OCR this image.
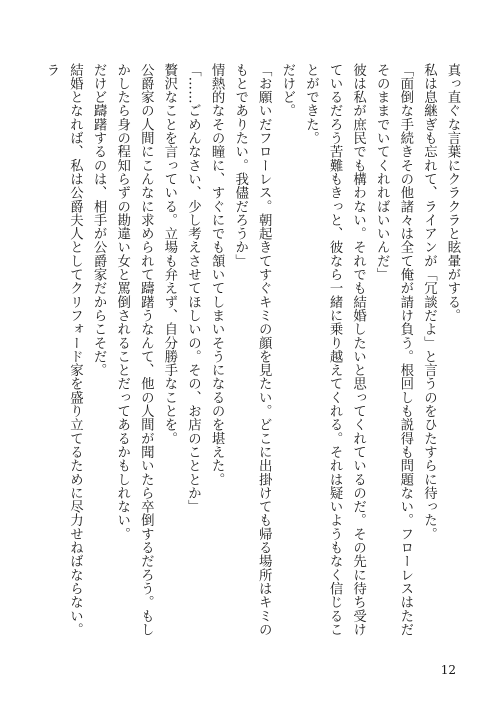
真っ直ぐな言葉にクラクラと眩暈がする。
私は息継ぎも忘れて、ライアンが「冗談だよ」と言うのをひたすらに待った。
「面倒な手続きその他諸々は全て俺が請け負う。根回しも説得も問題ない。フローレスはただそのままでいてくれればいいんだ」
彼は私が庶民でも構わない。それでも結婚したいと思ってくれているのだ。その先に待ち受けているだろう苦難もきっと、彼なら一緒に乗り越えてくれる。それは疑いようもなく信じることができた。
だけど。
「お願いだフローレス。朝起きてすぐキミの顔を見たい。どこに出掛けても帰る場所はキミのもとでありたい。我儘だろうか」
情熱的なその瞳に、すぐにでも頷いてしまいそうになるのを堪えた。
「……ごめんなさい、少し考えさせてほしいの。その、お店のこととか」
贅沢なことを言っている。立場も弁えず、自分勝手なことを。
公爵家の人間にこんなに求められて躊躇うなんて、他の人間が聞いたら卒倒するだろう。もしかしたら身の程知らずの勘違い女と罵倒されることだってあるかもしれない。
だけど躊躇するのは、相手が公爵家だからこそだ。
結婚となれば、私は公爵夫人としてクリフォード家を盛り立てるために尽力せねばならない。ラ
12
